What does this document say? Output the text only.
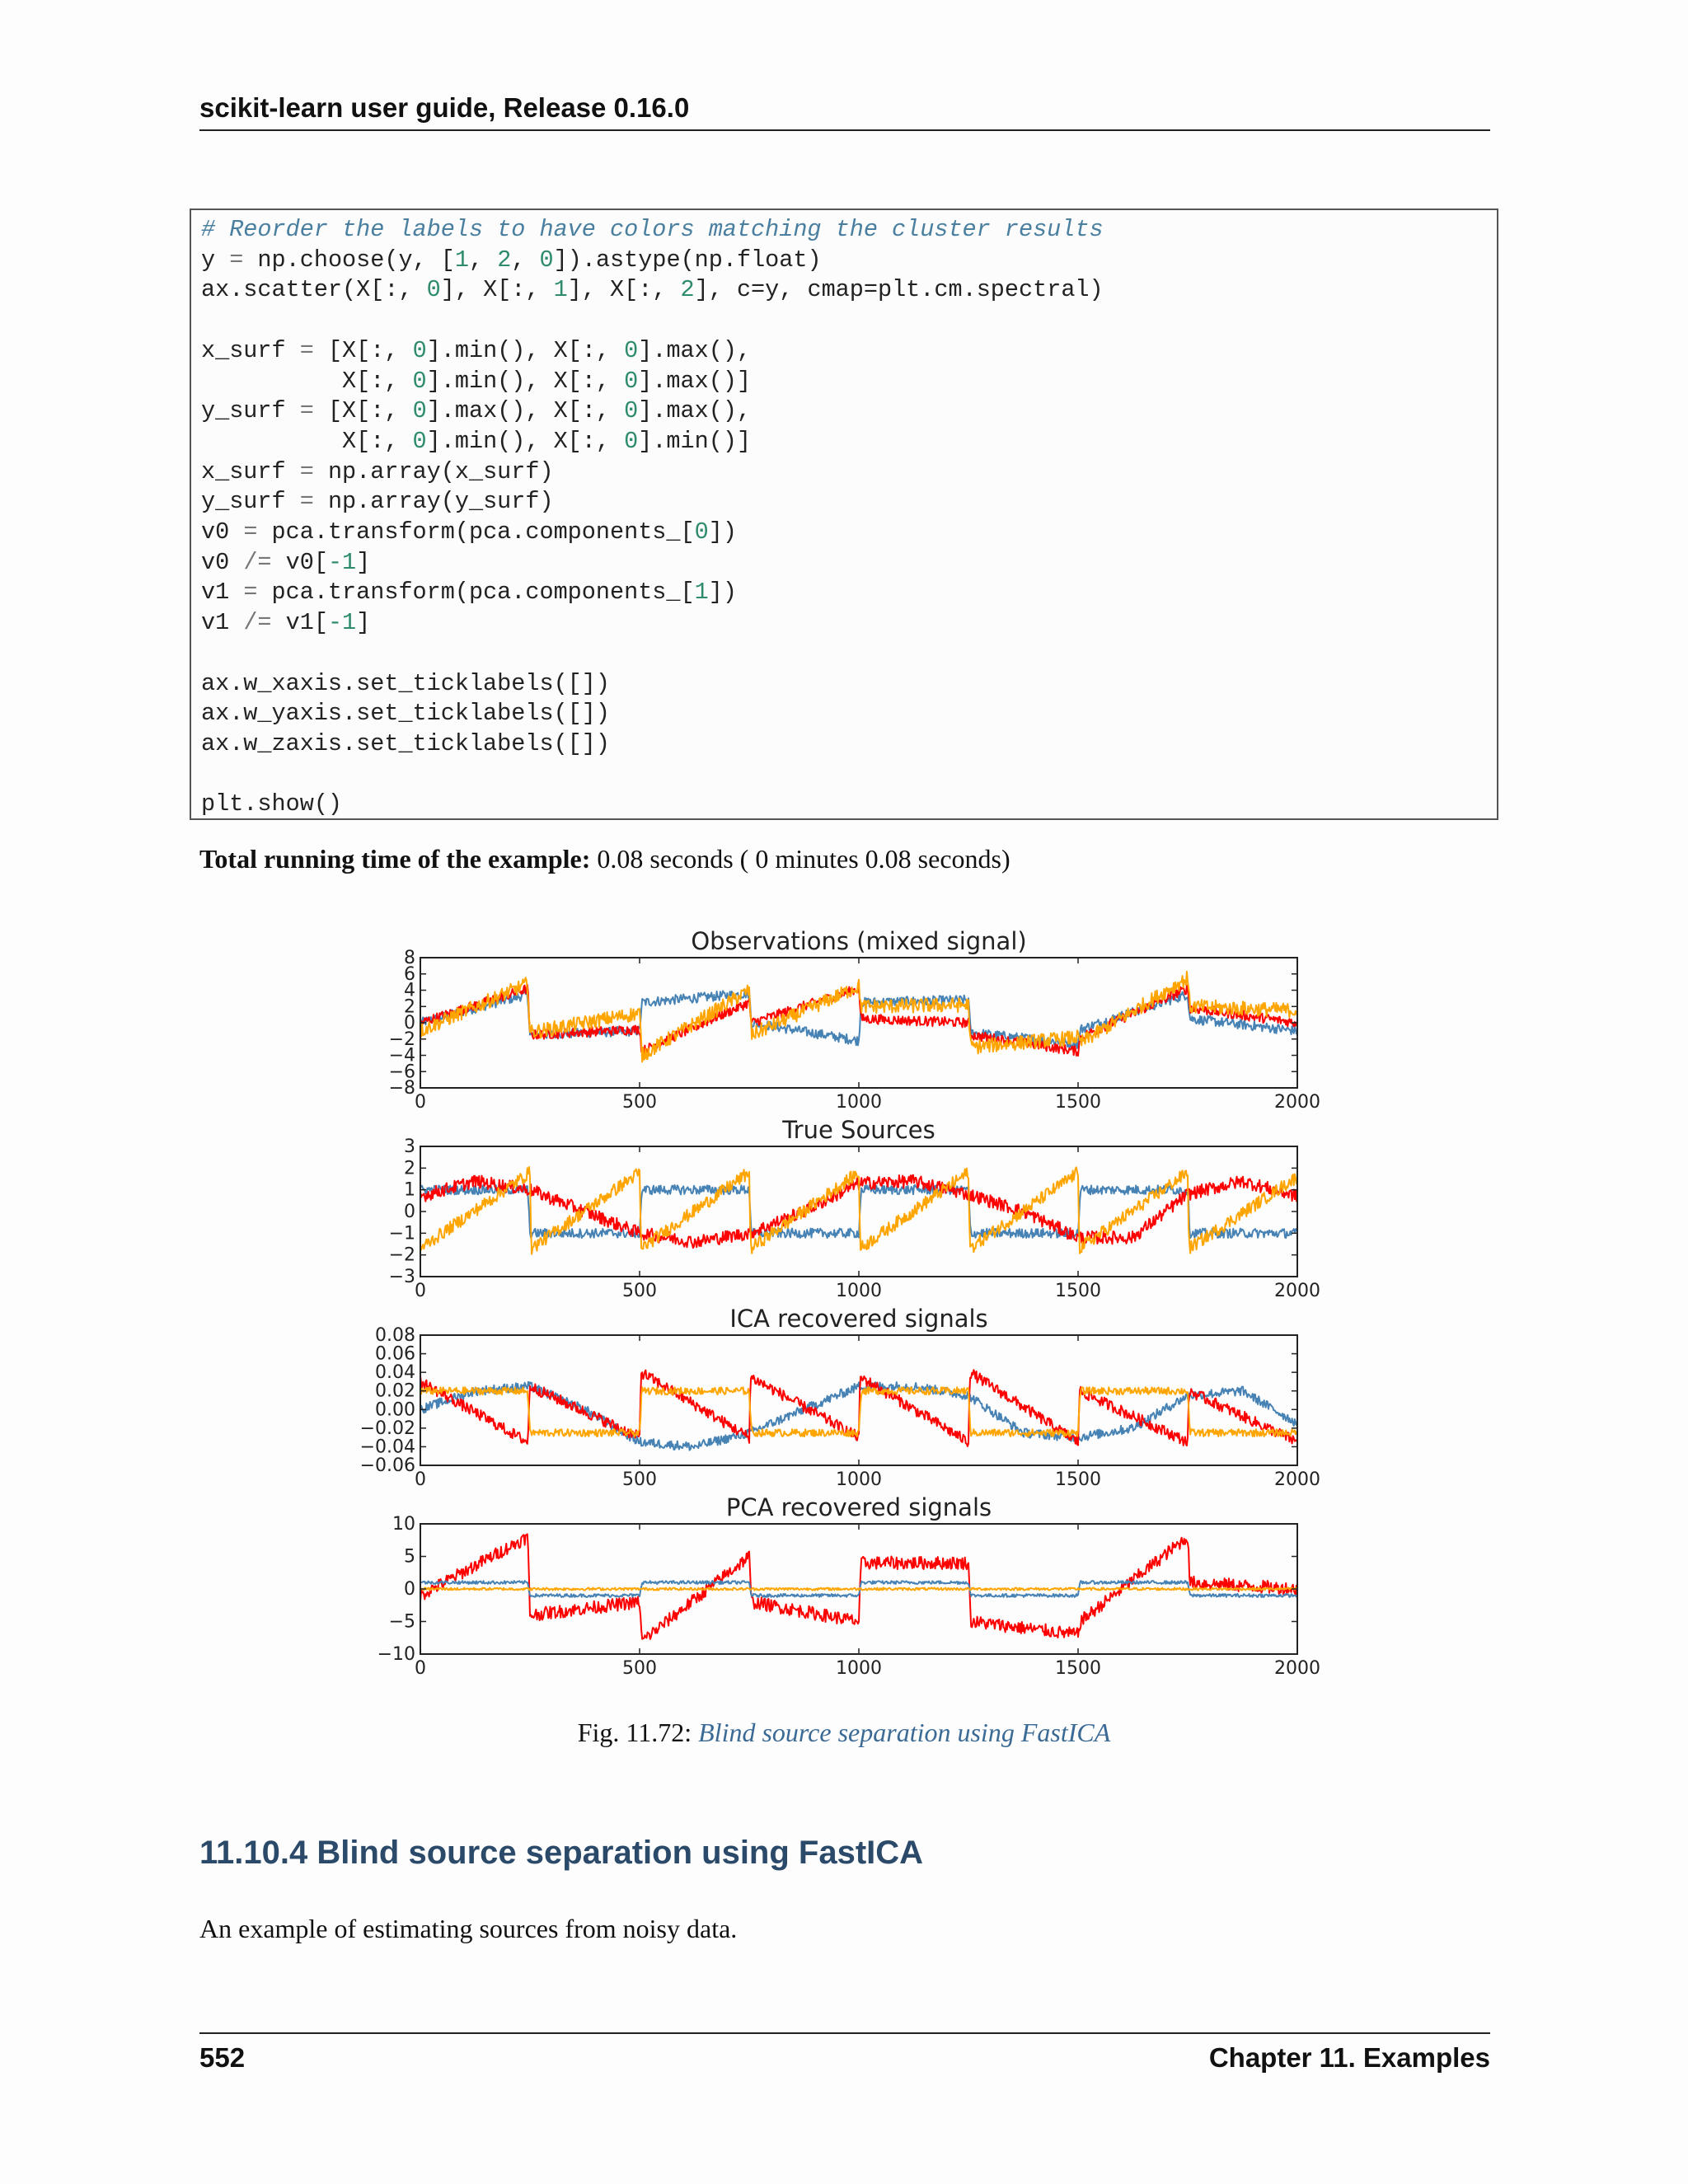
scikit-learn user guide, Release 0.16.0
# Reorder the labels to have colors matching the cluster results
y = np.choose(y, [1, 2, 0]).astype(np.float)
ax.scatter(X[:, 0], X[:, 1], X[:, 2], c=y, cmap=plt.cm.spectral)

x_surf = [X[:, 0].min(), X[:, 0].max(),
X[:, 0].min(), X[:, 0].max()]
y_surf = [X[:, 0].max(), X[:, 0].max(),
X[:, 0].min(), X[:, 0].min()]
x_surf = np.array(x_surf)
y_surf = np.array(y_surf)
v0 = pca.transform(pca.components_[0])
v0 /= v0[-1]
v1 = pca.transform(pca.components_[1])
v1 /= v1[-1]

ax.w_xaxis.set_ticklabels([])
ax.w_yaxis.set_ticklabels([])
ax.w_zaxis.set_ticklabels([])

plt.show()
Total running time of the example: 0.08 seconds ( 0 minutes 0.08 seconds)
Observations (mixed signal)
0	500	1000	1500	2000
8
6
4
2
0
−2
−4
−6
−8
True Sources
0	500	1000	1500	2000
3
2
1
0
−1
−2
−3
ICA recovered signals
0	500	1000	1500	2000
0.08
0.06
0.04
0.02
0.00
−0.02
−0.04
−0.06
PCA recovered signals
0	500	1000	1500	2000
10
5
0
−5
−10
Fig. 11.72: Blind source separation using FastICA
11.10.4 Blind source separation using FastICA
An example of estimating sources from noisy data.
552	Chapter 11. Examples
